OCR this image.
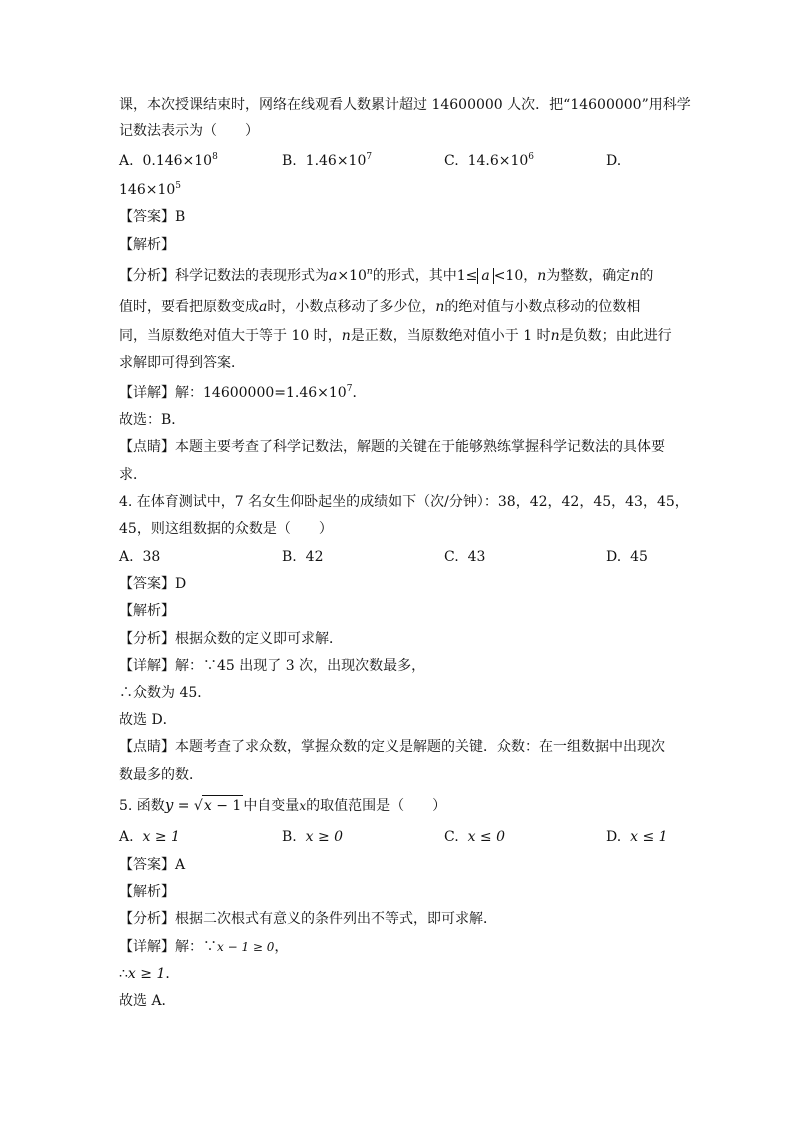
课，本次授课结束时，网络在线观看人数累计超过 14600000 人次．把“14600000”用科学
记数法表示为（　　）
A. $0.146\times 10^8$	B. $1.46\times 10^7$	C. $14.6\times 10^6$	D.
$146\times 10^5$
【答案】B
【解析】
【分析】科学记数法的表现形式为$a\times 10^n$的形式，其中1≤ a <10，n为整数，确定n的
值时，要看把原数变成a时，小数点移动了多少位，n的绝对值与小数点移动的位数相
同，当原数绝对值大于等于 10 时，n是正数，当原数绝对值小于 1 时n是负数；由此进行
求解即可得到答案．
【详解】解：$14600000=1.46\times 10^7$．
故选：B．
【点睛】本题主要考查了科学记数法，解题的关键在于能够熟练掌握科学记数法的具体要
求．
4. 在体育测试中，7 名女生仰卧起坐的成绩如下（次/分钟）：38，42，42，45，43，45，
45，则这组数据的众数是（　　）
A. 38	B. 42	C. 43	D. 45
【答案】D
【解析】
【分析】根据众数的定义即可求解．
【详解】解：∵45 出现了 3 次，出现次数最多，
∴众数为 45．
故选 D．
【点睛】本题考查了求众数，掌握众数的定义是解题的关键．众数：在一组数据中出现次
数最多的数．
5. 函数y = √x − 1 中自变量x的取值范围是（　　）
A. x ≥ 1	B. x ≥ 0	C. x ≤ 0	D. x ≤ 1
【答案】A
【解析】
【分析】根据二次根式有意义的条件列出不等式，即可求解．
【详解】解：∵x − 1 ≥ 0，
∴x ≥ 1．
故选 A．
